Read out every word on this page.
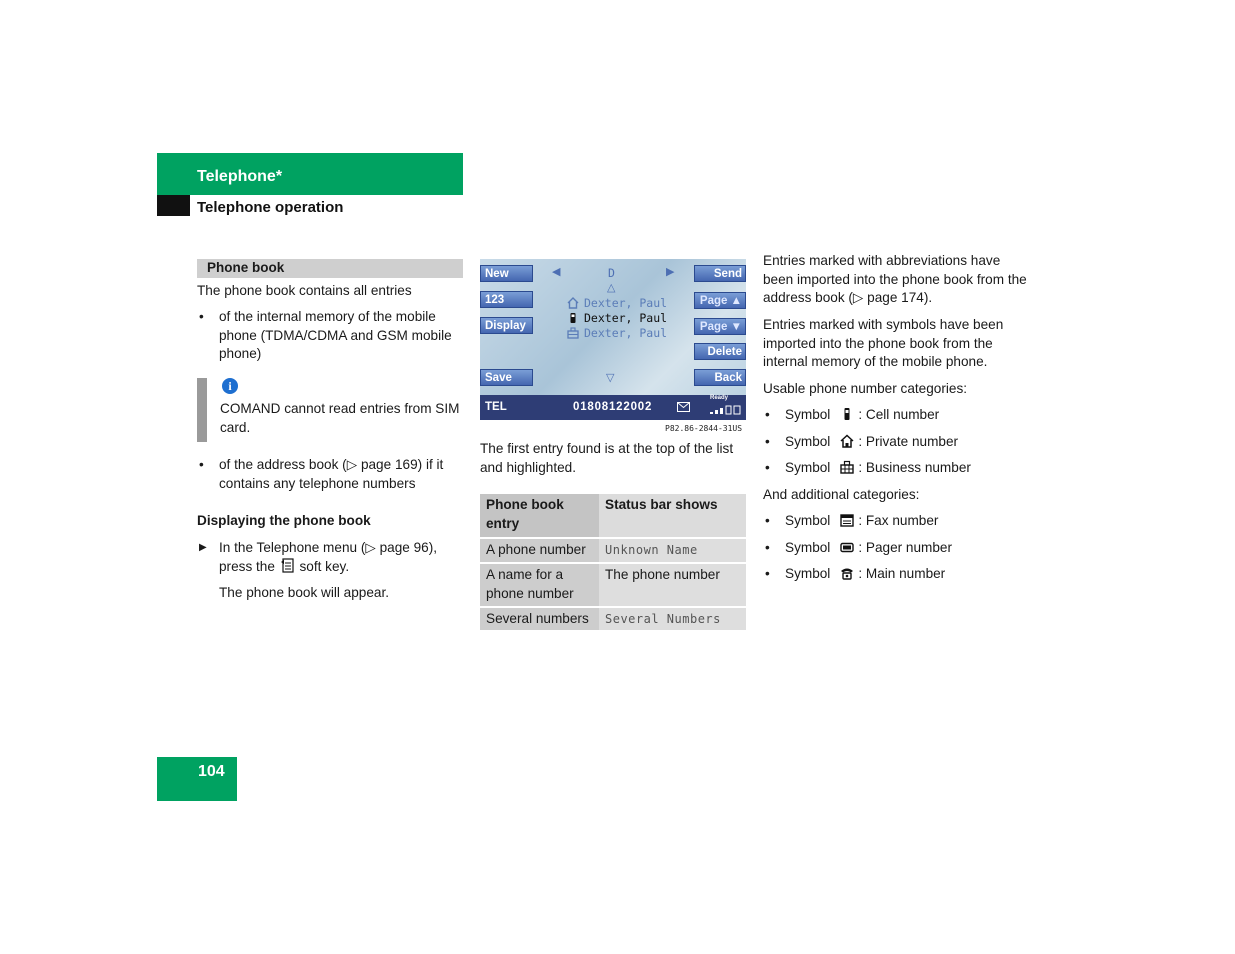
Telephone*
Telephone operation
Phone book
The phone book contains all entries
• of the internal memory of the mobile phone (TDMA/CDMA and GSM mobile phone)
i
COMAND cannot read entries from SIM card.
• of the address book (▷ page 169) if it contains any telephone numbers
Displaying the phone book
▶ In the Telephone menu (▷ page 96), press the soft key.
The phone book will appear.
New
123
Display
Save
Send
Page ▲
Page ▼
Delete
Back
◀	D	▶
△
Dexter, Paul
Dexter, Paul
Dexter, Paul
▽
TEL	01808122002
Ready
P82.86-2844-31US
The first entry found is at the top of the list and highlighted.
Phone book entry	Status bar shows
A phone number	Unknown Name
A name for a phone number	The phone number
Several numbers	Several Numbers
Entries marked with abbreviations have been imported into the phone book from the address book (▷ page 174).
Entries marked with symbols have been imported into the phone book from the internal memory of the mobile phone.
Usable phone number categories:
• Symbol : Cell number
• Symbol : Private number
• Symbol : Business number
And additional categories:
• Symbol : Fax number
• Symbol : Pager number
• Symbol : Main number
104
